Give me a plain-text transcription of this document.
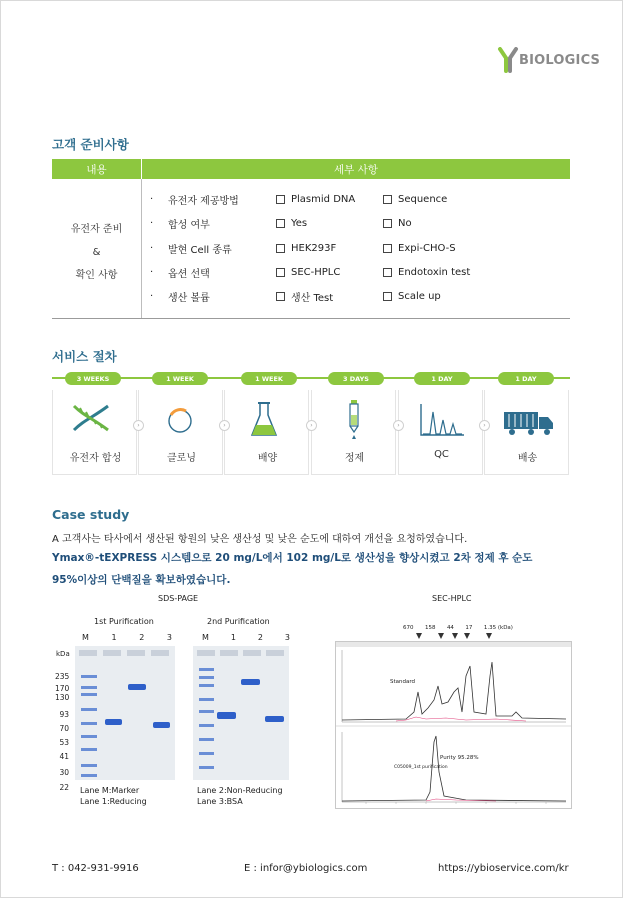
BIOLOGICS
고객 준비사항
내용	세부 사항
유전자 준비
&
확인 사항
·	유전자 제공방법	Plasmid DNA	Sequence
·	합성 여부	Yes	No
·	발현 Cell 종류	HEK293F	Expi-CHO-S
·	옵션 선택	SEC-HPLC	Endotoxin test
·	생산 볼륨	생산 Test	Scale up
서비스 절차
3 WEEKS	1 WEEK	1 WEEK	3 DAYS	1 DAY	1 DAY
›	›	›	›	›
유전자 합성	클로닝	배양	정제	QC	배송
Case study
A 고객사는 타사에서 생산된 항원의 낮은 생산성 및 낮은 순도에 대하여 개선을 요청하였습니다.
Ymax®-tEXPRESS 시스템으로 20 mg/L에서 102 mg/L로 생산성을 향상시켰고 2차 정제 후 순도
95%이상의 단백질을 확보하였습니다.
SDS-PAGE	SEC-HPLC
1st Purification	2nd Purification
M	1	2	3
kDa
235
170
130
93
70
53
41
30
22 Lane M:Marker
Lane 1:Reducing
M	1	2	3
Lane 2:Non-Reducing
Lane 3:BSA
670 158 44 17 1.35 (kDa)
Standard
Purity 95.28%
C05009_1st purification
T : 042-931-9916	E : infor@ybiologics.com	https://ybioservice.com/kr
